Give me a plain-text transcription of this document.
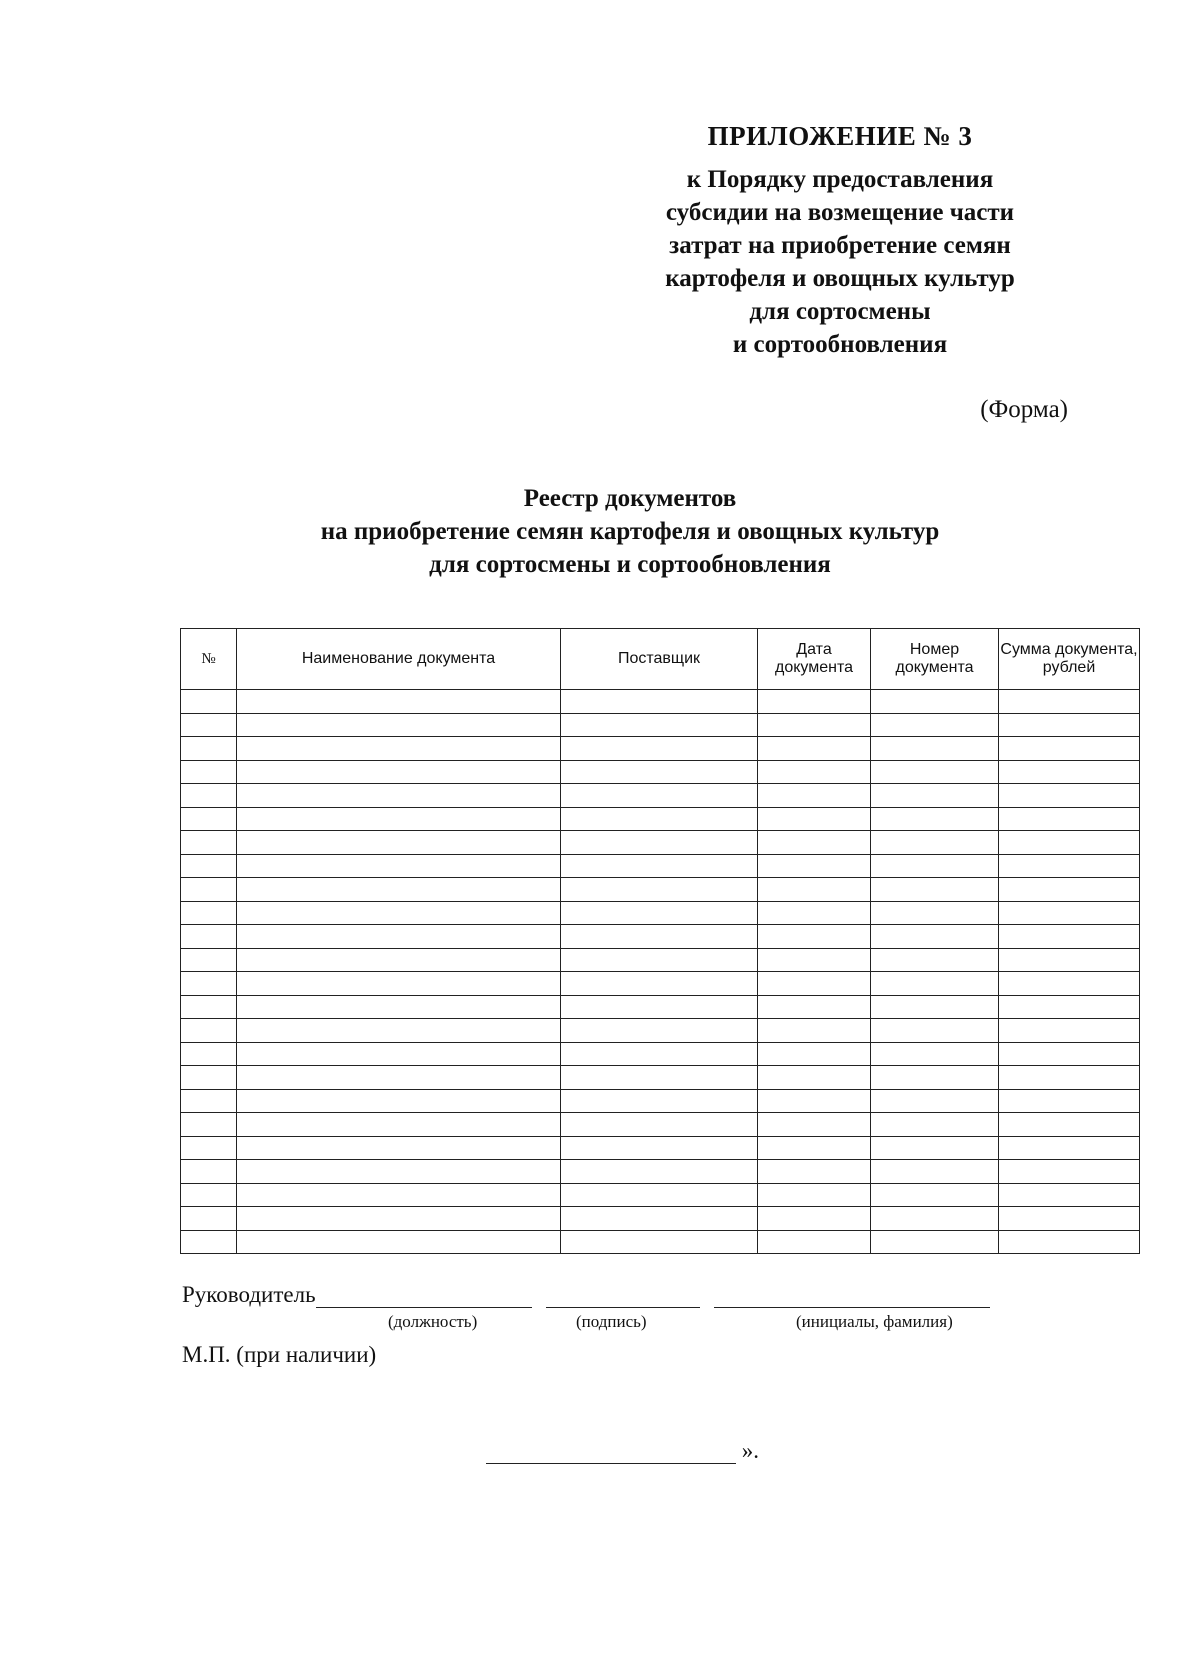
ПРИЛОЖЕНИЕ № 3
к Порядку предоставления
субсидии на возмещение части
затрат на приобретение семян
картофеля и овощных культур
для сортосмены
и сортообновления
(Форма)
Реестр документов
на приобретение семян картофеля и овощных культур
для сортосмены и сортообновления
№	Наименование документа	Поставщик	Дата документа	Номер документа	Сумма документа, рублей

Руководитель
(должность)	(подпись)	(инициалы, фамилия)
М.П. (при наличии)
».
